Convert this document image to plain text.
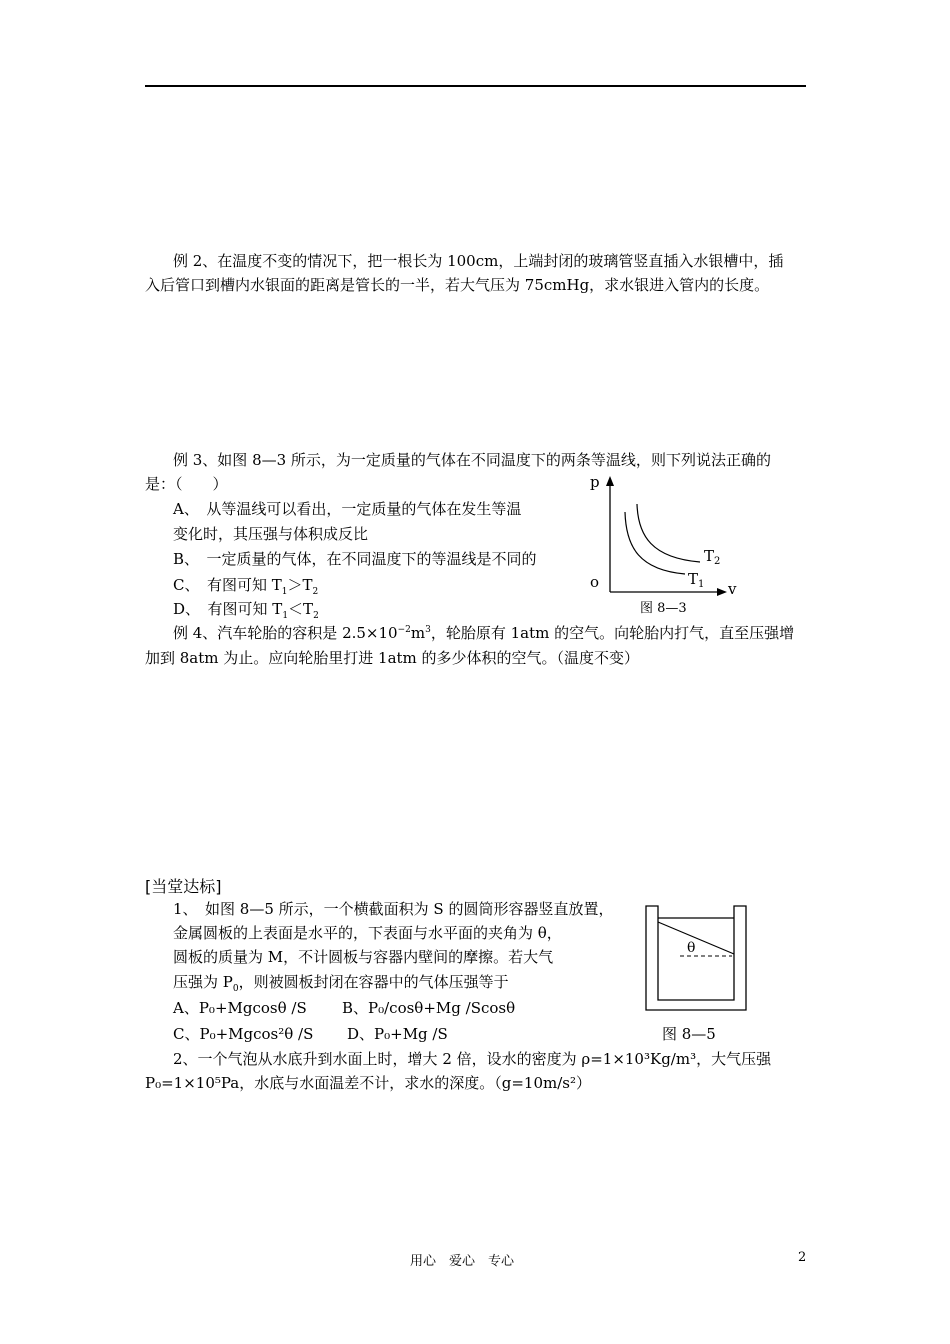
例 2、在温度不变的情况下，把一根长为 100cm，上端封闭的玻璃管竖直插入水银槽中，插
入后管口到槽内水银面的距离是管长的一半，若大气压为 75cmHg，求水银进入管内的长度。
例 3、如图 8—3 所示，为一定质量的气体在不同温度下的两条等温线，则下列说法正确的
是：（　　）
A、　从等温线可以看出，一定质量的气体在发生等温
变化时，其压强与体积成反比
B、　一定质量的气体，在不同温度下的等温线是不同的
C、　有图可知 $T_1>T_2$
D、　有图可知 $T_1<T_2$
p
v
o
$T_2$
$T_1$
图 8—3
例 4、汽车轮胎的容积是 $2.5\times 10^{-2}m^3$，轮胎原有 1atm 的空气。向轮胎内打气，直至压强增
加到 8atm 为止。应向轮胎里打进 1atm 的多少体积的空气。（温度不变）
[当堂达标]
1、　如图 8—5 所示，一个横截面积为 S 的圆筒形容器竖直放置，
金属圆板的上表面是水平的，下表面与水平面的夹角为 θ，
圆板的质量为 M，不计圆板与容器内壁间的摩擦。若大气
压强为 $P_0$，则被圆板封闭在容器中的气体压强等于
A、P₀+Mgcosθ /S B、P₀/cosθ+Mg /Scosθ
C、P₀+Mgcos²θ /S D、P₀+Mg /S
θ
图 8—5
2、一个气泡从水底升到水面上时，增大 2 倍，设水的密度为 ρ=1×10³Kg/m³，大气压强
P₀=1×10⁵Pa，水底与水面温差不计，求水的深度。（g=10m/s²）
用心　爱心　专心	2
